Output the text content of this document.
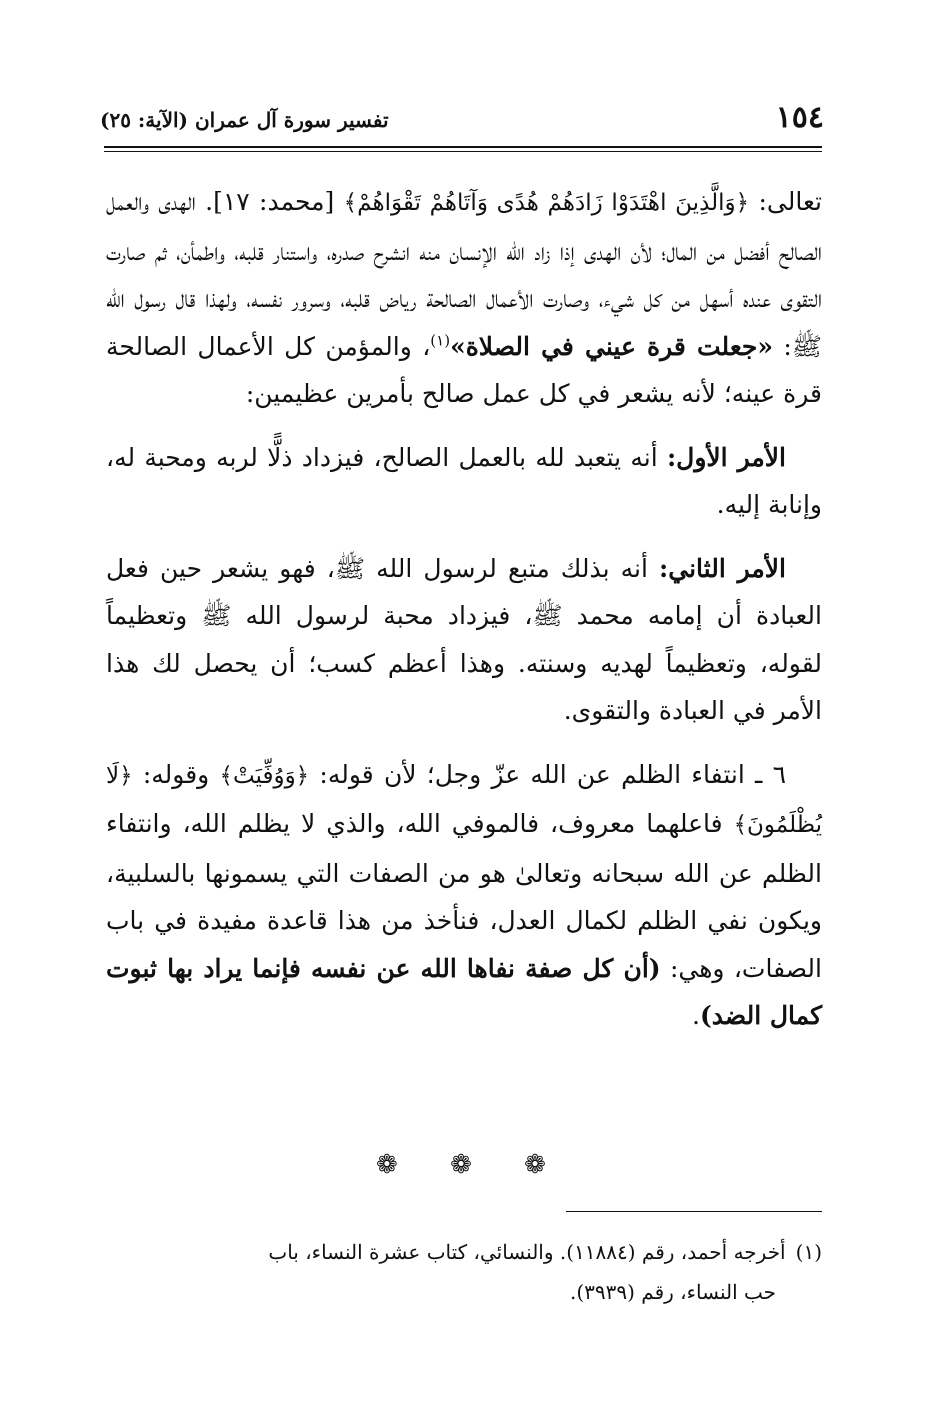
١٥٤
تفسير سورة آل عمران (الآية: ٢٥)

تعالى: ﴿وَالَّذِينَ اهْتَدَوْا زَادَهُمْ هُدًى وَآتَاهُمْ تَقْوَاهُمْ﴾ [محمد: ١٧]. الهدى والعمل الصالح أفضل من المال؛ لأن الهدى إذا زاد الله الإنسان منه انشرح صدره، واستنار قلبه، واطمأن، ثم صارت التقوى عنده أسهل من كل شيء، وصارت الأعمال الصالحة رياض قلبه، وسرور نفسه، ولهذا قال رسول الله ﷺ: «جعلت قرة عيني في الصلاة»$^{(١)}$، والمؤمن كل الأعمال الصالحة قرة عينه؛ لأنه يشعر في كل عمل صالح بأمرين عظيمين:

الأمر الأول: أنه يتعبد لله بالعمل الصالح، فيزداد ذلًّا لربه ومحبة له، وإنابة إليه.

الأمر الثاني: أنه بذلك متبع لرسول الله ﷺ، فهو يشعر حين فعل العبادة أن إمامه محمد ﷺ، فيزداد محبة لرسول الله ﷺ وتعظيماً لقوله، وتعظيماً لهديه وسنته. وهذا أعظم كسب؛ أن يحصل لك هذا الأمر في العبادة والتقوى.

٦ ـ انتفاء الظلم عن الله عزّ وجل؛ لأن قوله: ﴿وَوُفِّيَتْ﴾ وقوله: ﴿لَا يُظْلَمُونَ﴾ فاعلهما معروف، فالموفي الله، والذي لا يظلم الله، وانتفاء الظلم عن الله سبحانه وتعالىٰ هو من الصفات التي يسمونها بالسلبية، ويكون نفي الظلم لكمال العدل، فنأخذ من هذا قاعدة مفيدة في باب الصفات، وهي: (أن كل صفة نفاها الله عن نفسه فإنما يراد بها ثبوت كمال الضد).

❁ ❁ ❁
(١)أخرجه أحمد، رقم (١١٨٨٤). والنسائي، كتاب عشرة النساء، باب
حب النساء، رقم (٣٩٣٩).
